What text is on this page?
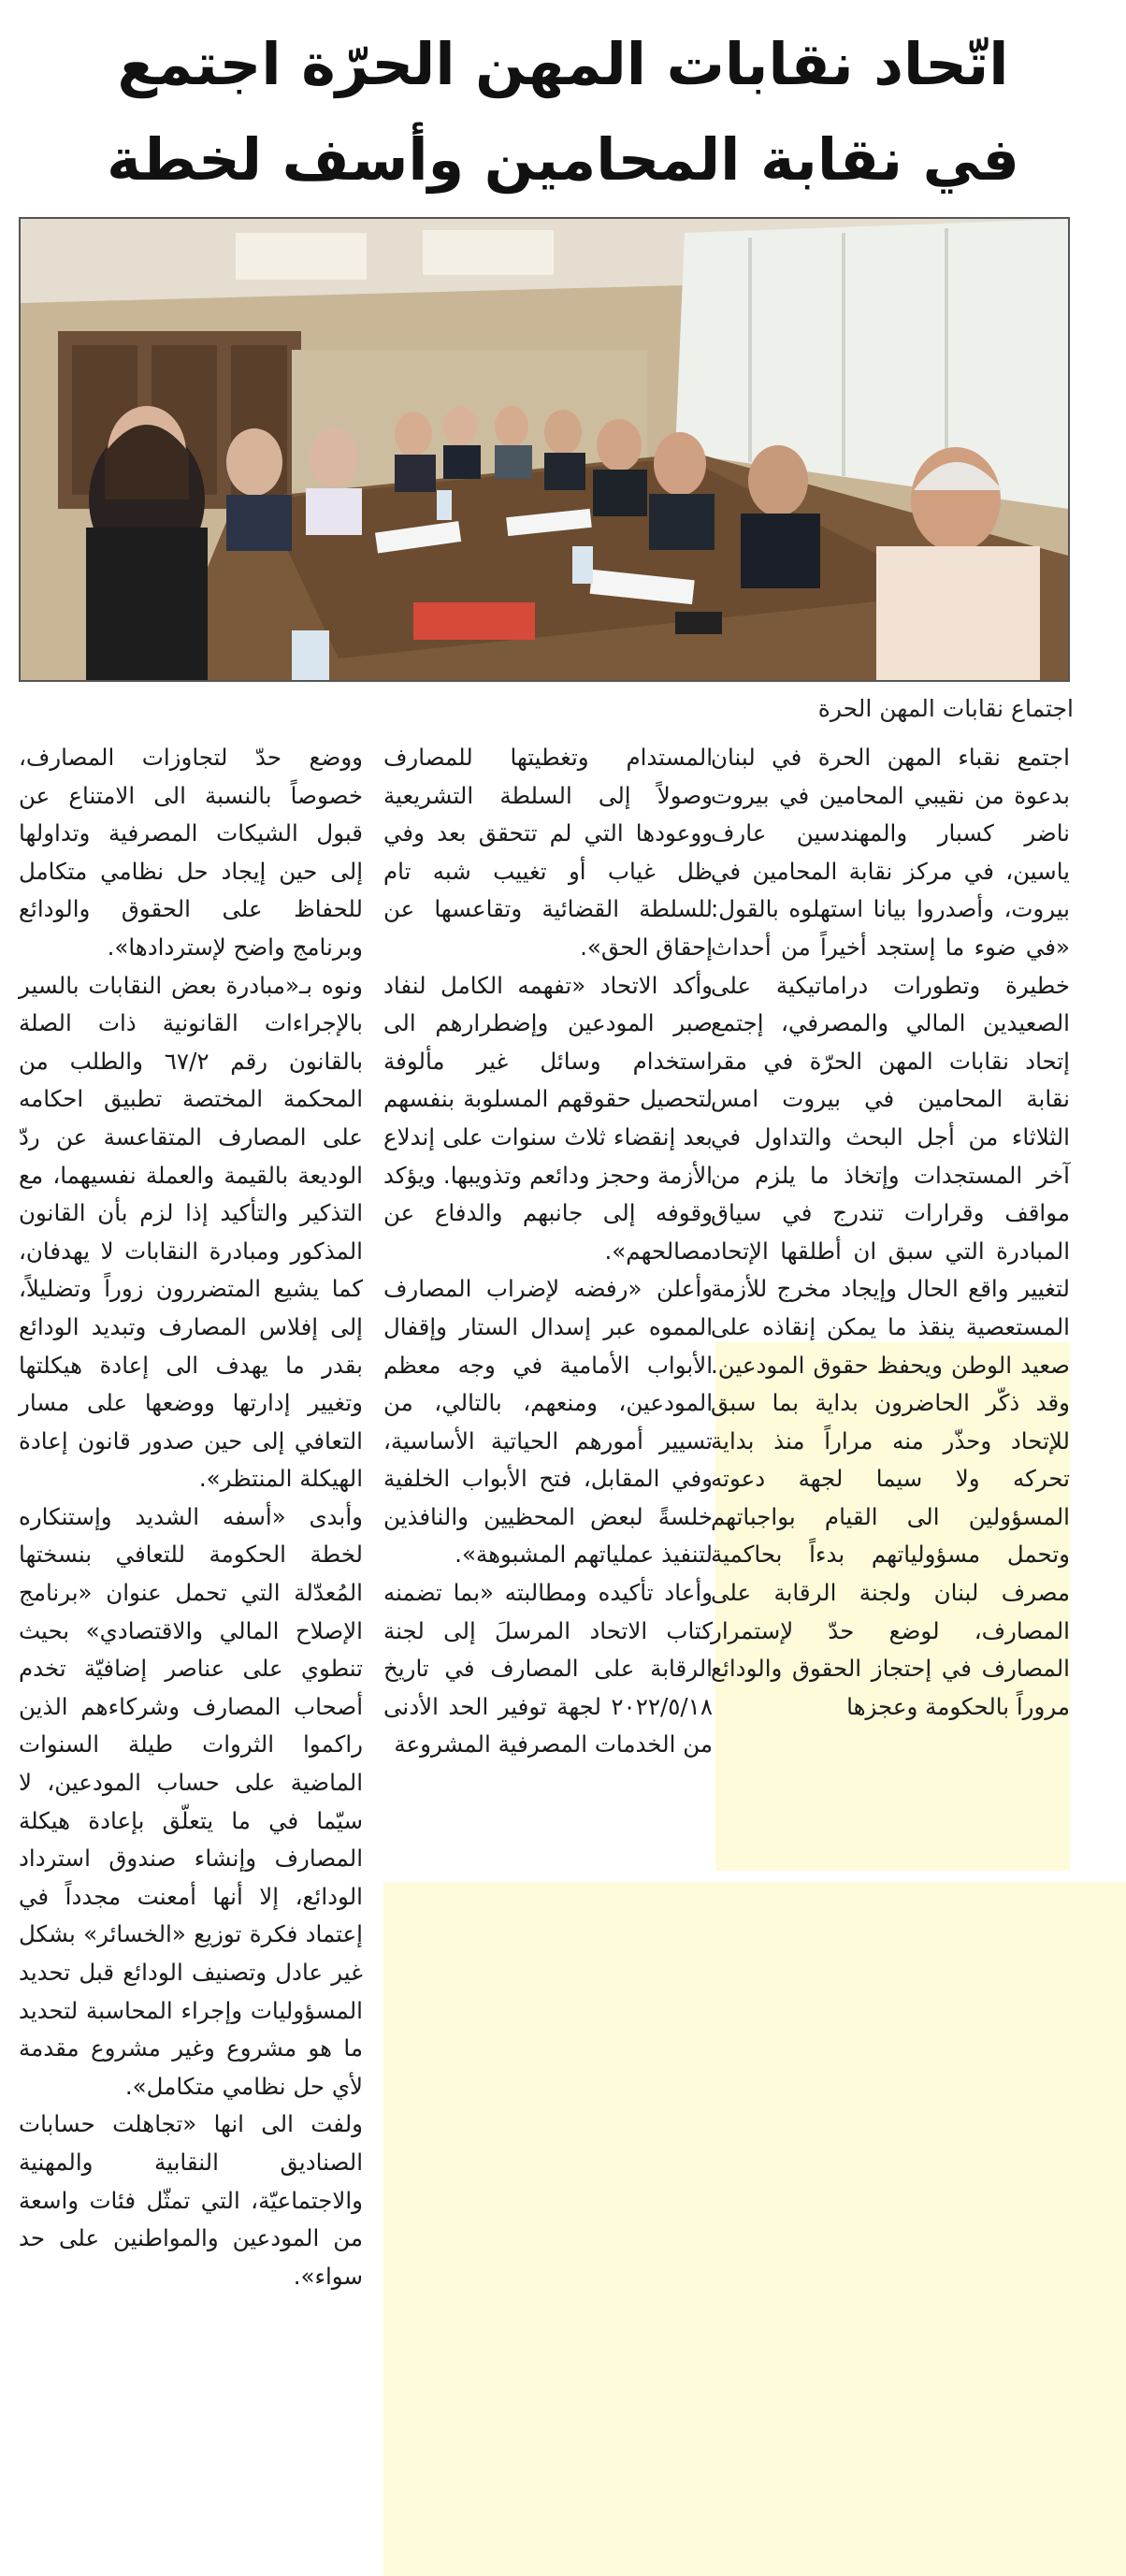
اتّحاد نقابات المهن الحرّة اجتمع
في نقابة المحامين وأسف لخطة

اجتماع نقابات المهن الحرة

اجتمع نقباء المهن الحرة في لبنان بدعوة من نقيبي المحامين في بيروت ناضر كسبار والمهندسين عارف ياسين، في مركز نقابة المحامين في بيروت، وأصدروا بيانا استهلوه بالقول: «في ضوء ما إستجد أخيراً من أحداث خطيرة وتطورات دراماتيكية على الصعيدين المالي والمصرفي، إجتمع إتحاد نقابات المهن الحرّة في مقر نقابة المحامين في بيروت امس الثلاثاء من أجل البحث والتداول في آخر المستجدات وإتخاذ ما يلزم من مواقف وقرارات تندرج في سياق المبادرة التي سبق ان أطلقها الإتحاد لتغيير واقع الحال وإيجاد مخرج للأزمة المستعصية ينقذ ما يمكن إنقاذه على صعيد الوطن ويحفظ حقوق المودعين. وقد ذكّر الحاضرون بداية بما سبق للإتحاد وحذّر منه مراراً منذ بداية تحركه ولا سيما لجهة دعوته المسؤولين الى القيام بواجباتهم وتحمل مسؤولياتهم بدءاً بحاكمية مصرف لبنان ولجنة الرقابة على المصارف، لوضع حدّ لإستمرار المصارف في إحتجاز الحقوق والودائع مروراً بالحكومة وعجزها

المستدام وتغطيتها للمصارف وصولاً إلى السلطة التشريعية ووعودها التي لم تتحقق بعد وفي ظل غياب أو تغييب شبه تام للسلطة القضائية وتقاعسها عن إحقاق الحق».

وأكد الاتحاد «تفهمه الكامل لنفاد صبر المودعين وإضطرارهم الى استخدام وسائل غير مألوفة لتحصيل حقوقهم المسلوبة بنفسهم بعد إنقضاء ثلاث سنوات على إندلاع الأزمة وحجز ودائعم وتذويبها. ويؤكد وقوفه إلى جانبهم والدفاع عن مصالحهم».

وأعلن «رفضه لإضراب المصارف المموه عبر إسدال الستار وإقفال الأبواب الأمامية في وجه معظم المودعين، ومنعهم، بالتالي، من تسيير أمورهم الحياتية الأساسية، وفي المقابل، فتح الأبواب الخلفية خلسةً لبعض المحظيين والنافذين لتنفيذ عملياتهم المشبوهة».

وأعاد تأكيده ومطالبته «بما تضمنه كتاب الاتحاد المرسلَ إلى لجنة الرقابة على المصارف في تاريخ ٢٠٢٢/٥/١٨ لجهة توفير الحد الأدنى من الخدمات المصرفية المشروعة

ووضع حدّ لتجاوزات المصارف، خصوصاً بالنسبة الى الامتناع عن قبول الشيكات المصرفية وتداولها إلى حين إيجاد حل نظامي متكامل للحفاظ على الحقوق والودائع وبرنامج واضح لإستردادها».

ونوه بـ«مبادرة بعض النقابات بالسير بالإجراءات القانونية ذات الصلة بالقانون رقم ٦٧/٢ والطلب من المحكمة المختصة تطبيق احكامه على المصارف المتقاعسة عن ردّ الوديعة بالقيمة والعملة نفسيهما، مع التذكير والتأكيد إذا لزم بأن القانون المذكور ومبادرة النقابات لا يهدفان، كما يشيع المتضررون زوراً وتضليلاً، إلى إفلاس المصارف وتبديد الودائع بقدر ما يهدف الى إعادة هيكلتها وتغيير إدارتها ووضعها على مسار التعافي إلى حين صدور قانون إعادة الهيكلة المنتظر».

وأبدى «أسفه الشديد وإستنكاره لخطة الحكومة للتعافي بنسختها المُعدّلة التي تحمل عنوان «برنامج الإصلاح المالي والاقتصادي» بحيث تنطوي على عناصر إضافيّة تخدم أصحاب المصارف وشركاءهم الذين راكموا الثروات طيلة السنوات الماضية على حساب المودعين، لا سيّما في ما يتعلّق بإعادة هيكلة المصارف وإنشاء صندوق استرداد الودائع، إلا أنها أمعنت مجدداً في إعتماد فكرة توزيع «الخسائر» بشكل غير عادل وتصنيف الودائع قبل تحديد المسؤوليات وإجراء المحاسبة لتحديد ما هو مشروع وغير مشروع مقدمة لأي حل نظامي متكامل».

ولفت الى انها «تجاهلت حسابات الصناديق النقابية والمهنية والاجتماعيّة، التي تمثّل فئات واسعة من المودعين والمواطنين على حد سواء».
